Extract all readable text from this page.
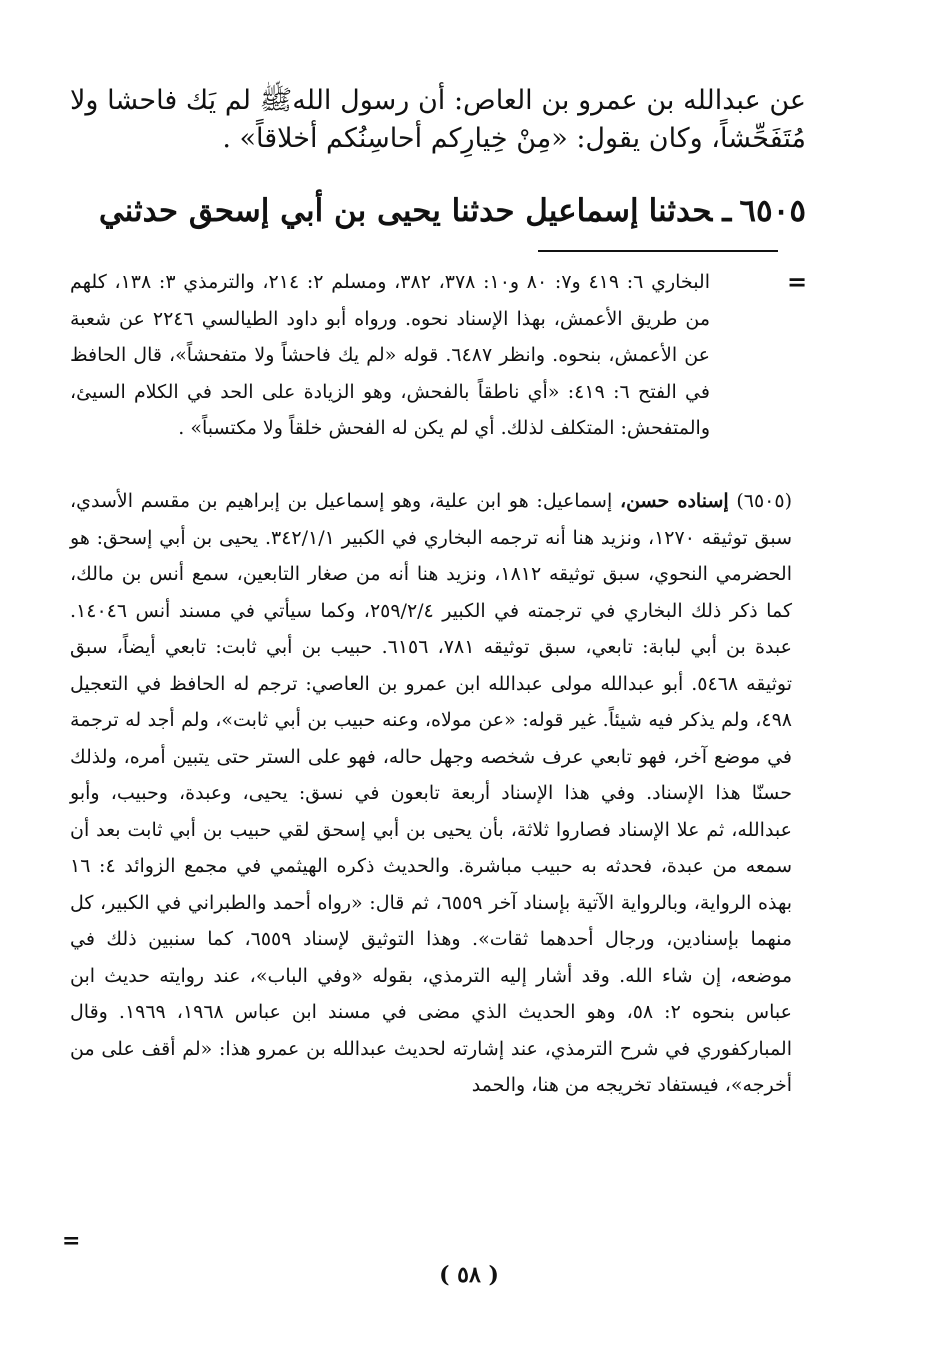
عن عبدالله بن عمرو بن العاص: أن رسول اللهﷺ لم يَك فاحشا ولا مُتَفَحِّشاً، وكان يقول: «مِنْ خِيارِكم أحاسِنُكم أخلاقاً» .

٦٥٠٥ـحدثناإسماعيل حدثنا يحيى بن أبي إسحق حدثني
=

البخاري ٦: ٤١٩ و٧: ٨٠ و١٠: ٣٧٨، ٣٨٢، ومسلم ٢: ٢١٤، والترمذي ٣: ١٣٨، كلهم من طريق الأعمش، بهذا الإسناد نحوه. ورواه أبو داود الطيالسي ٢٢٤٦ عن شعبة عن الأعمش، بنحوه. وانظر ٦٤٨٧. قوله «لم يك فاحشاً ولا متفحشاً»، قال الحافظ في الفتح ٦: ٤١٩: «أي ناطقاً بالفحش، وهو الزيادة على الحد في الكلام السيئ، والمتفحش: المتكلف لذلك. أي لم يكن له الفحش خلقاً ولا مكتسباً» .

(٦٥٠٥) إسناده حسن، إسماعيل: هو ابن علية، وهو إسماعيل بن إبراهيم بن مقسم الأسدي، سبق توثيقه ١٢٧٠، ونزيد هنا أنه ترجمه البخاري في الكبير ٣٤٢/١/١. يحيى بن أبي إسحق: هو الحضرمي النحوي، سبق توثيقه ١٨١٢، ونزيد هنا أنه من صغار التابعين، سمع أنس بن مالك، كما ذكر ذلك البخاري في ترجمته في الكبير ٢٥٩/٢/٤، وكما سيأتي في مسند أنس ١٤٠٤٦. عبدة بن أبي لبابة: تابعي، سبق توثيقه ٧٨١، ٦١٥٦. حبيب بن أبي ثابت: تابعي أيضاً، سبق توثيقه ٥٤٦٨. أبو عبدالله مولى عبدالله ابن عمرو بن العاصي: ترجم له الحافظ في التعجيل ٤٩٨، ولم يذكر فيه شيئاً. غير قوله: «عن مولاه، وعنه حبيب بن أبي ثابت»، ولم أجد له ترجمة في موضع آخر، فهو تابعي عرف شخصه وجهل حاله، فهو على الستر حتى يتبين أمره، ولذلك حسنّا هذا الإسناد. وفي هذا الإسناد أربعة تابعون في نسق: يحيى، وعبدة، وحبيب، وأبو عبدالله، ثم علا الإسناد فصاروا ثلاثة، بأن يحيى بن أبي إسحق لقي حبيب بن أبي ثابت بعد أن سمعه من عبدة، فحدثه به حبيب مباشرة. والحديث ذكره الهيثمي في مجمع الزوائد ٤: ١٦ بهذه الرواية، وبالرواية الآتية بإسناد آخر ٦٥٥٩، ثم قال: «رواه أحمد والطبراني في الكبير، كل منهما بإسنادين، ورجال أحدهما ثقات». وهذا التوثيق لإسناد ٦٥٥٩، كما سنبين ذلك في موضعه، إن شاء الله. وقد أشار إليه الترمذي، بقوله «وفي الباب»، عند روايته حديث ابن عباس بنحوه ٢: ٥٨، وهو الحديث الذي مضى في مسند ابن عباس ١٩٦٨، ١٩٦٩. وقال المباركفوري في شرح الترمذي، عند إشارته لحديث عبدالله بن عمرو هذا: «لم أقف على من أخرجه»، فيستفاد تخريجه من هنا، والحمد

=
( ٥٨ )
